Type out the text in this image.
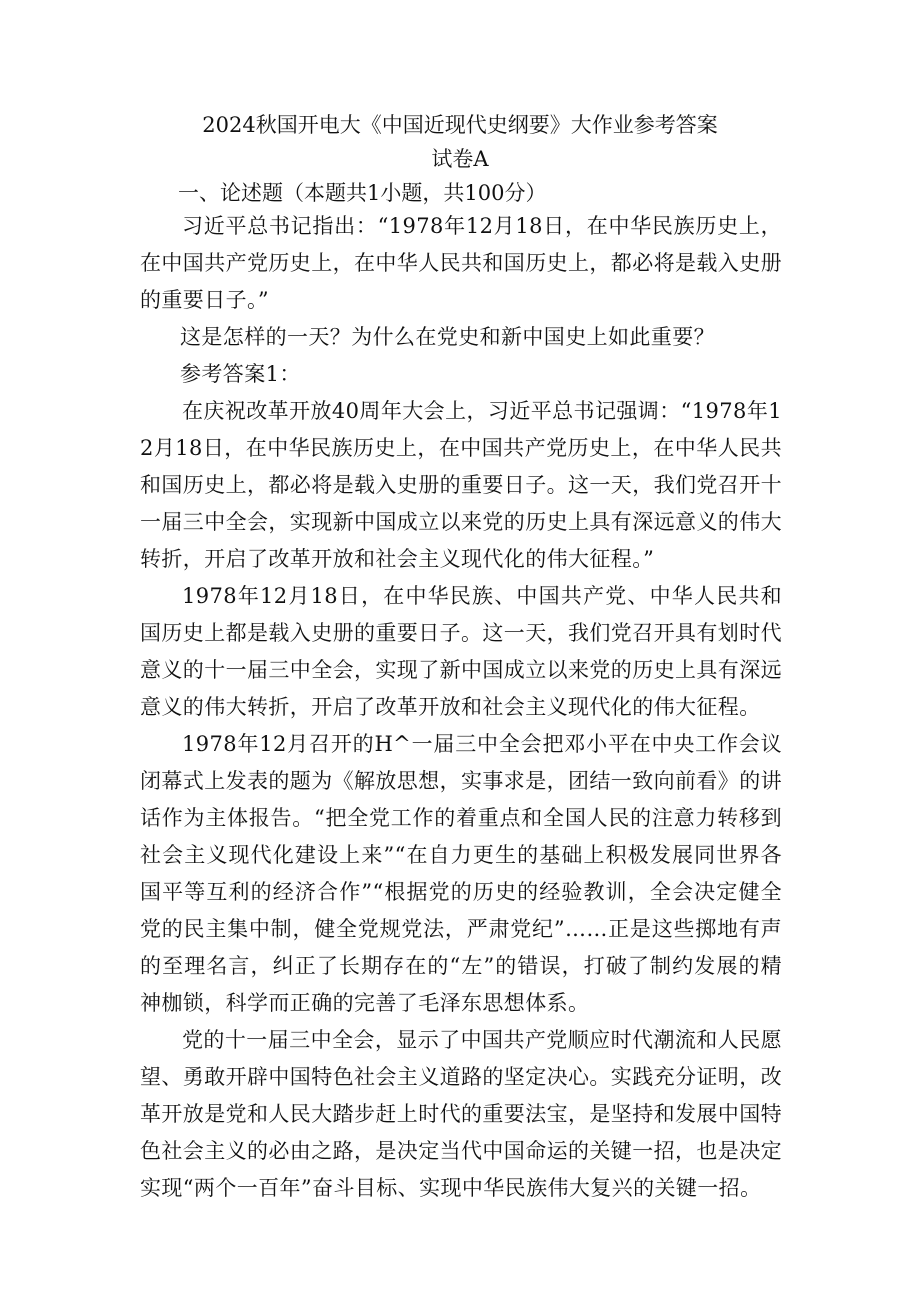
2024秋国开电大《中国近现代史纲要》大作业参考答案
试卷A
一、论述题（本题共1小题，共100分）

习近平总书记指出：“1978年12月18日，在中华民族历史上，在中国共产党历史上，在中华人民共和国历史上，都必将是载入史册的重要日子。”

这是怎样的一天？为什么在党史和新中国史上如此重要？

参考答案1：

在庆祝改革开放40周年大会上，习近平总书记强调：“1978年12月18日，在中华民族历史上，在中国共产党历史上，在中华人民共和国历史上，都必将是载入史册的重要日子。这一天，我们党召开十一届三中全会，实现新中国成立以来党的历史上具有深远意义的伟大转折，开启了改革开放和社会主义现代化的伟大征程。”

1978年12月18日，在中华民族、中国共产党、中华人民共和国历史上都是载入史册的重要日子。这一天，我们党召开具有划时代意义的十一届三中全会，实现了新中国成立以来党的历史上具有深远意义的伟大转折，开启了改革开放和社会主义现代化的伟大征程。

1978年12月召开的H^一届三中全会把邓小平在中央工作会议闭幕式上发表的题为《解放思想，实事求是，团结一致向前看》的讲话作为主体报告。“把全党工作的着重点和全国人民的注意力转移到社会主义现代化建设上来”“在自力更生的基础上积极发展同世界各国平等互利的经济合作”“根据党的历史的经验教训，全会决定健全党的民主集中制，健全党规党法，严肃党纪”……正是这些掷地有声的至理名言，纠正了长期存在的“左”的错误，打破了制约发展的精神枷锁，科学而正确的完善了毛泽东思想体系。

党的十一届三中全会，显示了中国共产党顺应时代潮流和人民愿望、勇敢开辟中国特色社会主义道路的坚定决心。实践充分证明，改革开放是党和人民大踏步赶上时代的重要法宝，是坚持和发展中国特色社会主义的必由之路，是决定当代中国命运的关键一招，也是决定实现“两个一百年”奋斗目标、实现中华民族伟大复兴的关键一招。
